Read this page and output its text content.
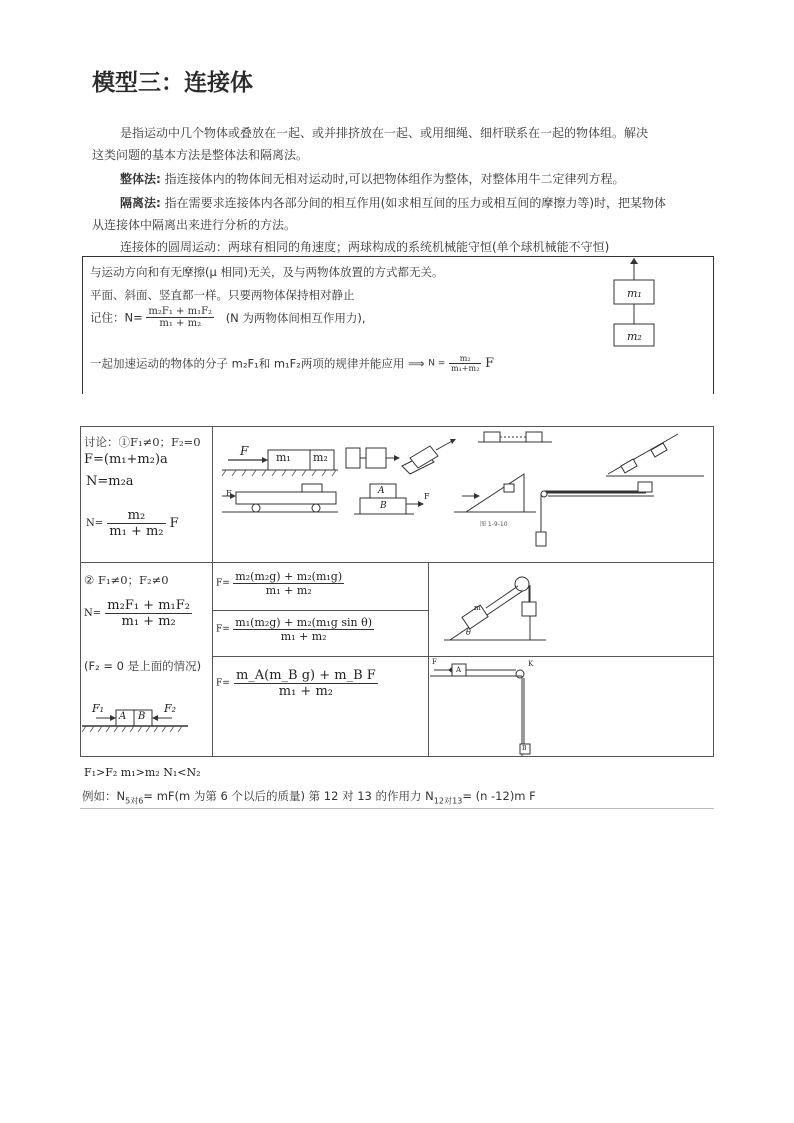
模型三：连接体
是指运动中几个物体或叠放在一起、或并排挤放在一起、或用细绳、细杆联系在一起的物体组。解决
这类问题的基本方法是整体法和隔离法。
整体法: 指连接体内的物体间无相对运动时,可以把物体组作为整体，对整体用牛二定律列方程。
隔离法: 指在需要求连接体内各部分间的相互作用(如求相互间的压力或相互间的摩擦力等)时，把某物体
从连接体中隔离出来进行分析的方法。
连接体的圆周运动：两球有相同的角速度；两球构成的系统机械能守恒(单个球机械能不守恒)
与运动方向和有无摩擦(μ 相同)无关，及与两物体放置的方式都无关。
平面、斜面、竖直都一样。只要两物体保持相对静止
记住：$N= \frac{\text{m₂F₁ + m₁F₂}}{\text{m₁ + m₂}} (N$ 为两物体间相互作用力),
一起加速运动的物体的分子 m₂F₁和 m₁F₂两项的规律并能应用 ⟹ $N = \frac{\text{m₂}}{\text{m₁+m₂}}$ F
m₁
m₂
讨论：①F₁≠0；F₂=0
F=(m₁+m₂)a
N=m₂a
$N= \frac{\text{m₂}}{\text{m₁ + m₂}}$ F
F	m₁ m₂
A
B
F	F
图 1-9-10
② F₁≠0；F₂≠0
$N= \frac{\text{m₂F₁ + m₁F₂}}{\text{m₁ + m₂}}$
(F₂ = 0 是上面的情况)
F₁
A B
F₂
$F= \frac{\text{m₂(m₂g) + m₂(m₁g)}}{\text{m₁ + m₂}}$
$F= \frac{\text{m₁(m₂g) + m₂(m₁g sin θ)}}{\text{m₁ + m₂}}$
$F= \frac{\text{m\_A(m\_B g) + m\_B F}}{\text{m₁ + m₂}}$
m
θ
F
A
K
B
F₁>F₂ m₁>m₂ N₁<N₂
例如：$N_{5对6}= mF(m$ 为第 6 个以后的质量) 第 12 对 13 的作用力 $N_{12对13}= (n$ -12)m F
